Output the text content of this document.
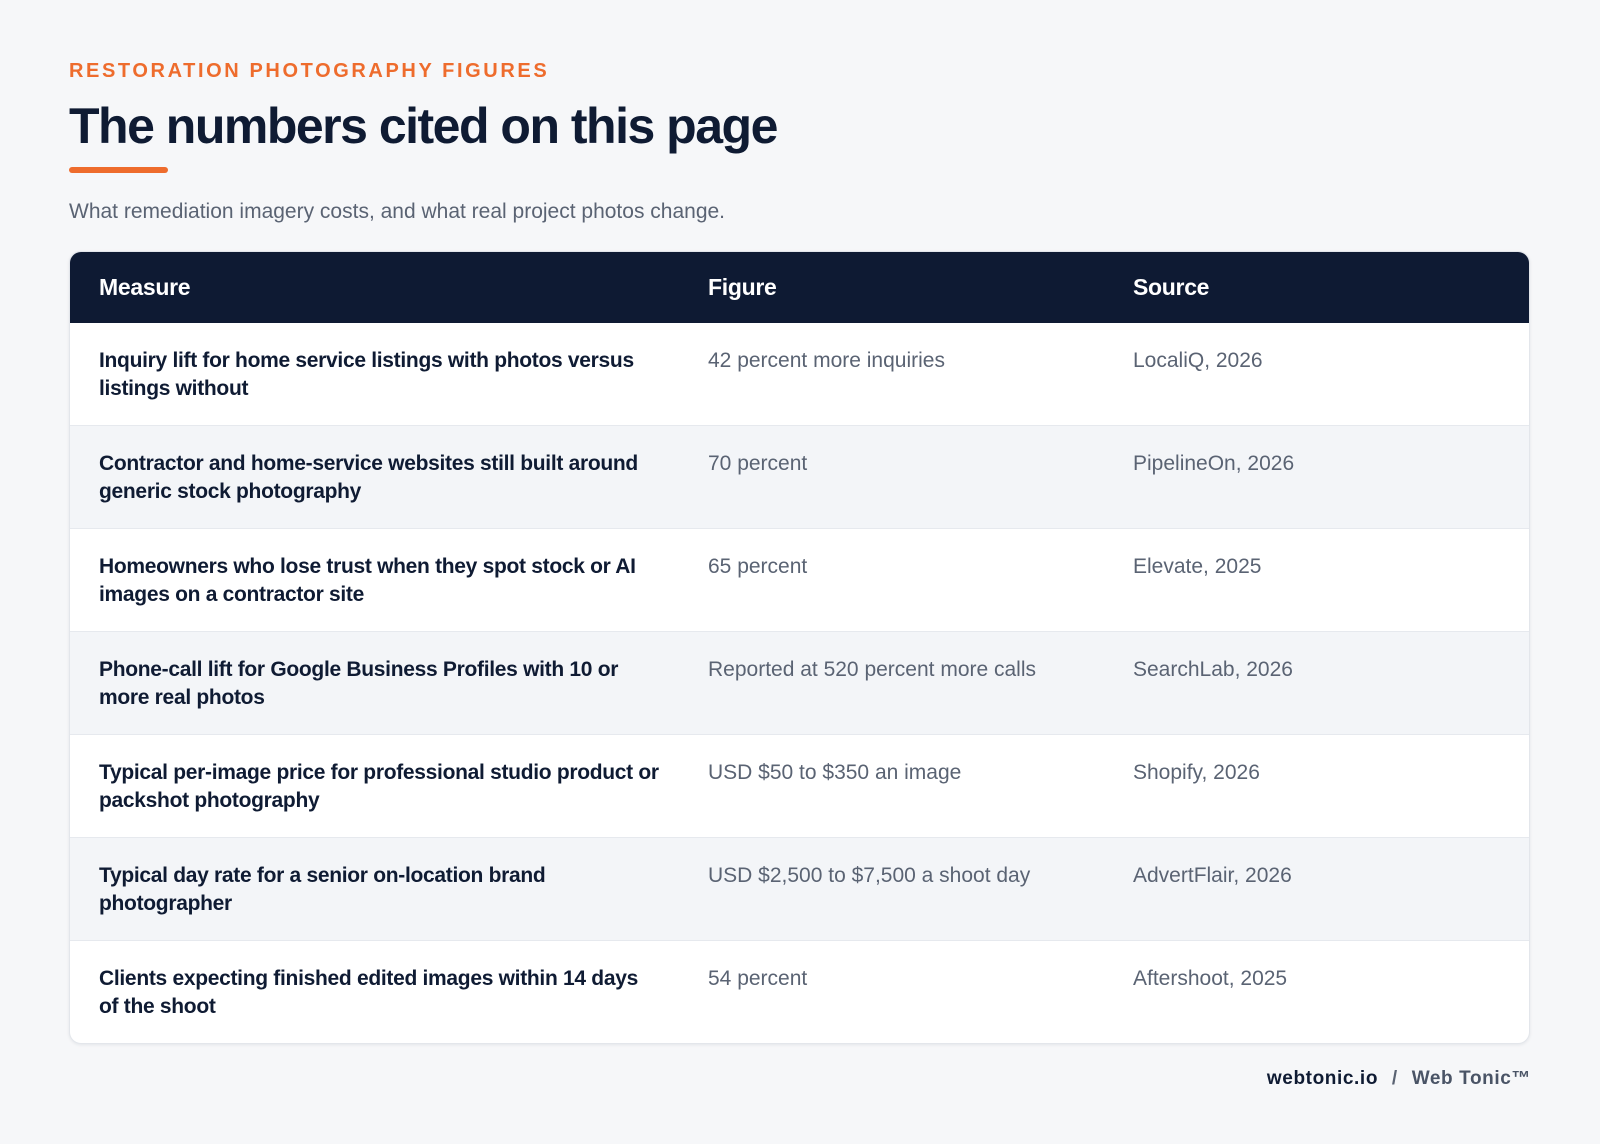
RESTORATION PHOTOGRAPHY FIGURES

The numbers cited on this page

What remediation imagery costs, and what real project photos change.

Measure	Figure	Source
Inquiry lift for home service listings with photos versus listings without	42 percent more inquiries	LocaliQ, 2026
Contractor and home-service websites still built around generic stock photography	70 percent	PipelineOn, 2026
Homeowners who lose trust when they spot stock or AI images on a contractor site	65 percent	Elevate, 2025
Phone-call lift for Google Business Profiles with 10 or more real photos	Reported at 520 percent more calls	SearchLab, 2026
Typical per-image price for professional studio product or packshot photography	USD $50 to $350 an image	Shopify, 2026
Typical day rate for a senior on-location brand photographer	USD $2,500 to $7,500 a shoot day	AdvertFlair, 2026
Clients expecting finished edited images within 14 days of the shoot	54 percent	Aftershoot, 2025
webtonic.io / Web Tonic™
